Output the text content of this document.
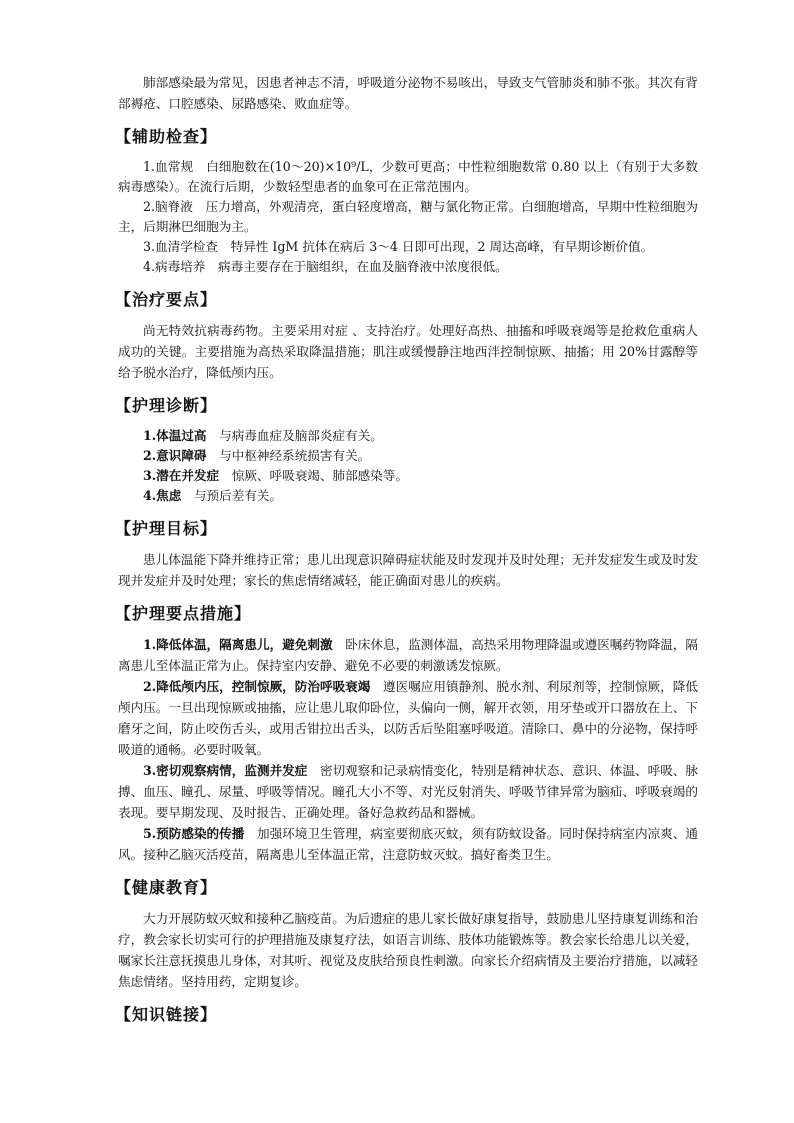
肺部感染最为常见，因患者神志不清，呼吸道分泌物不易咳出，导致支气管肺炎和肺不张。其次有背部褥疮、口腔感染、尿路感染、败血症等。

【辅助检查】

1.血常规　 白细胞数在(10～20)×10⁹/L，少数可更高；中性粒细胞数常 0.80 以上（有别于大多数病毒感染）。在流行后期，少数轻型患者的血象可在正常范围内。

2.脑脊液　 压力增高，外观清亮，蛋白轻度增高，糖与氯化物正常。白细胞增高，早期中性粒细胞为主，后期淋巴细胞为主。

3.血清学检查　 特异性 IgM 抗体在病后 3～4 日即可出现，2 周达高峰，有早期诊断价值。

4.病毒培养　 病毒主要存在于脑组织，在血及脑脊液中浓度很低。

【治疗要点】

尚无特效抗病毒药物。主要采用对症 、支持治疗。处理好高热、抽搐和呼吸衰竭等是抢救危重病人成功的关键。主要措施为高热采取降温措施；肌注或缓慢静注地西泮控制惊厥、抽搐；用 20%甘露醇等给予脱水治疗，降低颅内压。

【护理诊断】

1.体温过高　 与病毒血症及脑部炎症有关。

2.意识障碍　 与中枢神经系统损害有关。

3.潜在并发症　 惊厥、呼吸衰竭、肺部感染等。

4.焦虑　 与预后差有关。

【护理目标】

患儿体温能下降并维持正常；患儿出现意识障碍症状能及时发现并及时处理；无并发症发生或及时发现并发症并及时处理；家长的焦虑情绪减轻，能正确面对患儿的疾病。

【护理要点措施】

1.降低体温，隔离患儿，避免刺激　 卧床休息，监测体温，高热采用物理降温或遵医嘱药物降温，隔离患儿至体温正常为止。保持室内安静、避免不必要的刺激诱发惊厥。

2.降低颅内压，控制惊厥，防治呼吸衰竭　 遵医嘱应用镇静剂、脱水剂、利尿剂等，控制惊厥，降低颅内压。一旦出现惊厥或抽搐，应让患儿取仰卧位，头偏向一侧，解开衣领，用牙垫或开口器放在上、下磨牙之间，防止咬伤舌头，或用舌钳拉出舌头，以防舌后坠阻塞呼吸道。清除口、鼻中的分泌物，保持呼吸道的通畅。必要时吸氧。

3.密切观察病情，监测并发症　 密切观察和记录病情变化，特别是精神状态、意识、体温、呼吸、脉搏、血压、瞳孔、尿量、呼吸等情况。瞳孔大小不等、对光反射消失、呼吸节律异常为脑疝、呼吸衰竭的表现。要早期发现、及时报告、正确处理。备好急救药品和器械。

5.预防感染的传播　 加强环境卫生管理，病室要彻底灭蚊，须有防蚊设备。同时保持病室内凉爽、通风。接种乙脑灭活疫苗，隔离患儿至体温正常，注意防蚊灭蚊。搞好畜类卫生。

【健康教育】

大力开展防蚊灭蚊和接种乙脑疫苗。为后遗症的患儿家长做好康复指导，鼓励患儿坚持康复训练和治疗，教会家长切实可行的护理措施及康复疗法，如语言训练、肢体功能锻炼等。教会家长给患儿以关爱，嘱家长注意抚摸患儿身体，对其听、视觉及皮肤给预良性刺激。向家长介绍病情及主要治疗措施，以减轻焦虑情绪。坚持用药，定期复诊。

【知识链接】
